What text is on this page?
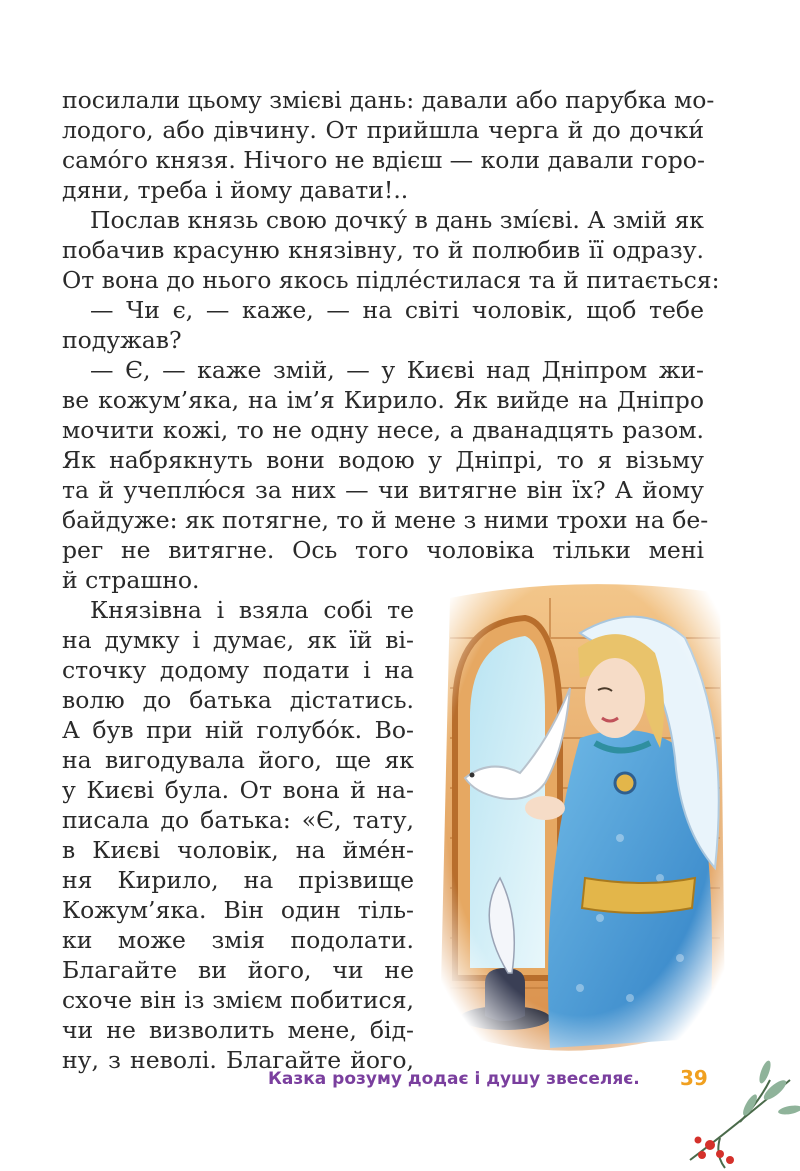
посилали цьому змієві дань: давали або парубка мо-
лодого, або дівчину. От прийшла черга й до дочки́
само́го князя. Нічого не вдієш — коли давали горо-
дяни, треба і йому давати!..
Послав князь свою дочку́ в дань змі́єві. А змій як
побачив красуню князівну, то й полюбив її одразу.
От вона до нього якось підле́стилася та й питається:
— Чи є, — каже, — на світі чоловік, щоб тебе
подужав?
— Є, — каже змій, — у Києві над Дніпром жи-
ве кожум’яка, на ім’я Кирило. Як вийде на Дніпро
мочити кожі, то не одну несе, а дванадцять разом.
Як набрякнуть вони водою у Дніпрі, то я візьму
та й учеплю́ся за них — чи витягне він їх? А йому
байдуже: як потягне, то й мене з ними трохи на бе-
рег не витягне. Ось того чоловіка тільки мені
й страшно.
Князівна і взяла собі те
на думку і думає, як їй ві-
сточку додому подати і на
волю до батька дістатись.
А був при ній голубо́к. Во-
на вигодувала його, ще як
у Києві була. От вона й на-
писала до батька: «Є, тату,
в Києві чоловік, на йме́н-
ня Кирило, на прізвище
Кожум’яка. Він один тіль-
ки може змія подолати.
Благайте ви його, чи не
схоче він із змієм побитися,
чи не визволить мене, бід-
ну, з неволі. Благайте його,
Казка розуму додає і душу звеселяє. 39
